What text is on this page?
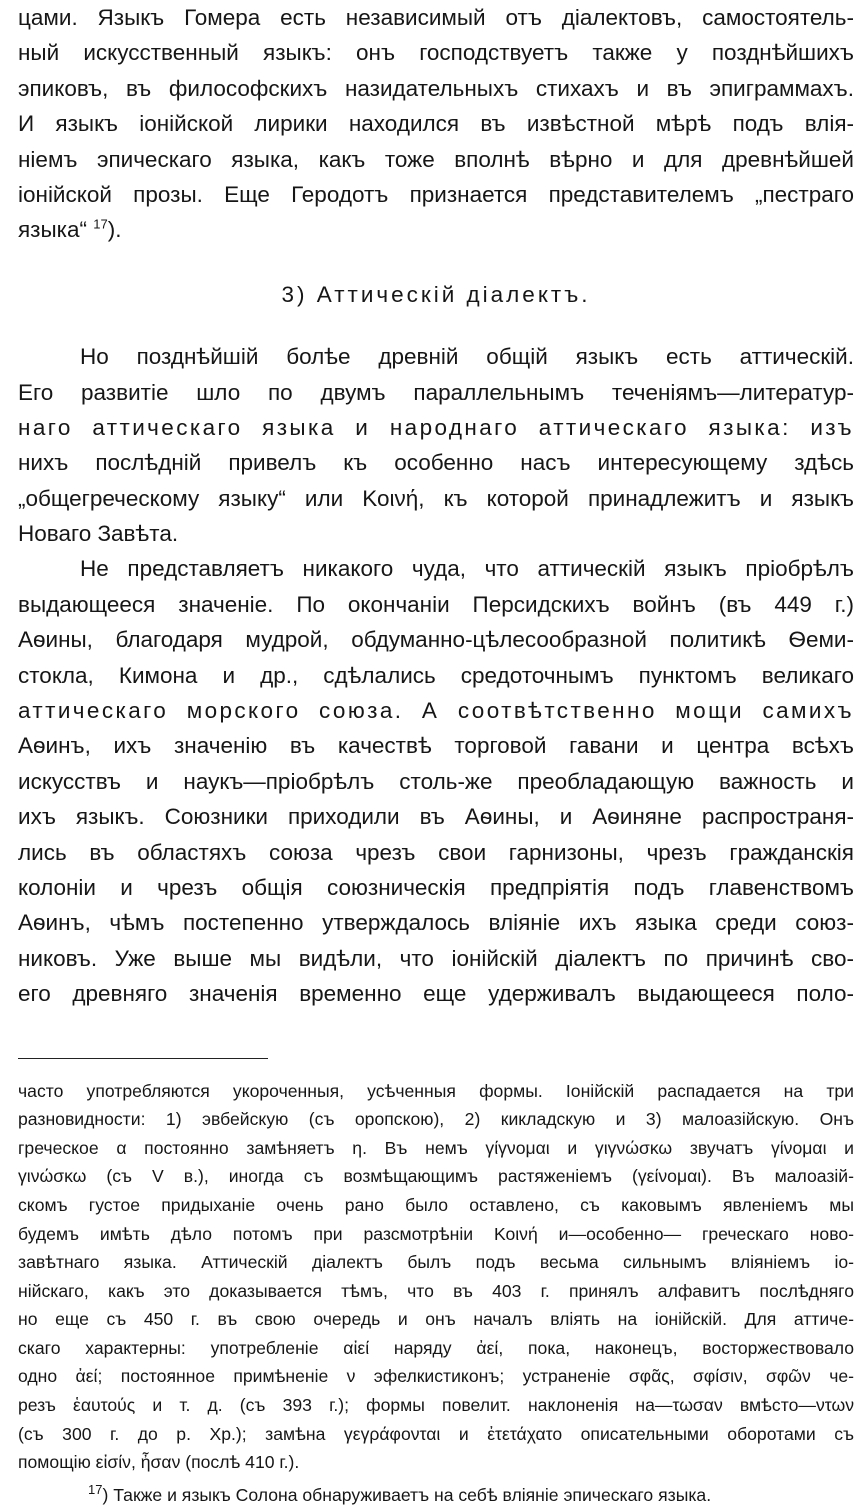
цами. Языкъ Гомера есть независимый отъ діалектовъ, самостоятель-
ный искусственный языкъ: онъ господствуетъ также у позднѣйшихъ
эпиковъ, въ философскихъ назидательныхъ стихахъ и въ эпиграммахъ.
И языкъ іонійской лирики находился въ извѣстной мѣрѣ подъ влія-
ніемъ эпическаго языка, какъ тоже вполнѣ вѣрно и для древнѣйшей
іонійской прозы. Еще Геродотъ признается представителемъ „пестраго
языка“ $^{17}$).
3) Аттическій діалектъ.
Но позднѣйшій болѣе древній общій языкъ есть аттическій.
Его развитіе шло по двумъ параллельнымъ теченіямъ—литератур-
наго аттическаго языка и народнаго аттическаго языка: изъ
нихъ послѣдній привелъ къ особенно насъ интересующему здѣсь
„общегреческому языку“ или Κοινή, къ которой принадлежитъ и языкъ
Новаго Завѣта.
Не представляетъ никакого чуда, что аттическій языкъ пріобрѣлъ
выдающееся значеніе. По окончаніи Персидскихъ войнъ (въ 449 г.)
Аѳины, благодаря мудрой, обдуманно-цѣлесообразной политикѣ Ѳеми-
стокла, Кимона и др., сдѣлались средоточнымъ пунктомъ великаго
аттическаго морского союза. А соотвѣтственно мощи самихъ
Аѳинъ, ихъ значенію въ качествѣ торговой гавани и центра всѣхъ
искусствъ и наукъ—пріобрѣлъ столь-же преобладающую важность и
ихъ языкъ. Союзники приходили въ Аѳины, и Аѳиняне распространя-
лись въ областяхъ союза чрезъ свои гарнизоны, чрезъ гражданскія
колоніи и чрезъ общія союзническія предпріятія подъ главенствомъ
Аѳинъ, чѣмъ постепенно утверждалось вліяніе ихъ языка среди союз-
никовъ. Уже выше мы видѣли, что іонійскій діалектъ по причинѣ сво-
его древняго значенія временно еще удерживалъ выдающееся поло-
часто употребляются укороченныя, усѣченныя формы. Іонійскій распадается на три
разновидности: 1) эвбейскую (съ оропскою), 2) кикладскую и 3) малоазійскую. Онъ
греческое α постоянно замѣняетъ η. Въ немъ γίγνομαι и γιγνώσκω звучатъ γίνομαι и
γινώσκω (съ V в.), иногда съ возмѣщающимъ растяженіемъ (γείνομαι). Въ малоазій-
скомъ густое придыханіе очень рано было оставлено, съ каковымъ явленіемъ мы
будемъ имѣть дѣло потомъ при разсмотрѣніи Κοινή и—особенно— греческаго ново-
завѣтнаго языка. Аттическій діалектъ былъ подъ весьма сильнымъ вліяніемъ іо-
нійскаго, какъ это доказывается тѣмъ, что въ 403 г. принялъ алфавитъ послѣдняго
но еще съ 450 г. въ свою очередь и онъ началъ вліять на іонійскій. Для аттиче-
скаго характерны: употребленіе αἰεί наряду ἀεί, пока, наконецъ, восторжествовало
одно ἀεί; постоянное примѣненіе ν эфелкистиконъ; устраненіе σφᾶς, σφίσιν, σφῶν че-
резъ ἑαυτούς и т. д. (съ 393 г.); формы повелит. наклоненія на—τωσαν вмѣсто—ντων
(съ 300 г. до р. Хр.); замѣна γεγράφονται и ἐτετάχατο описательными оборотами съ
помощію εἰσίν, ἦσαν (послѣ 410 г.).
$^{17}$) Также и языкъ Солона обнаруживаетъ на себѣ вліяніе эпическаго языка.
